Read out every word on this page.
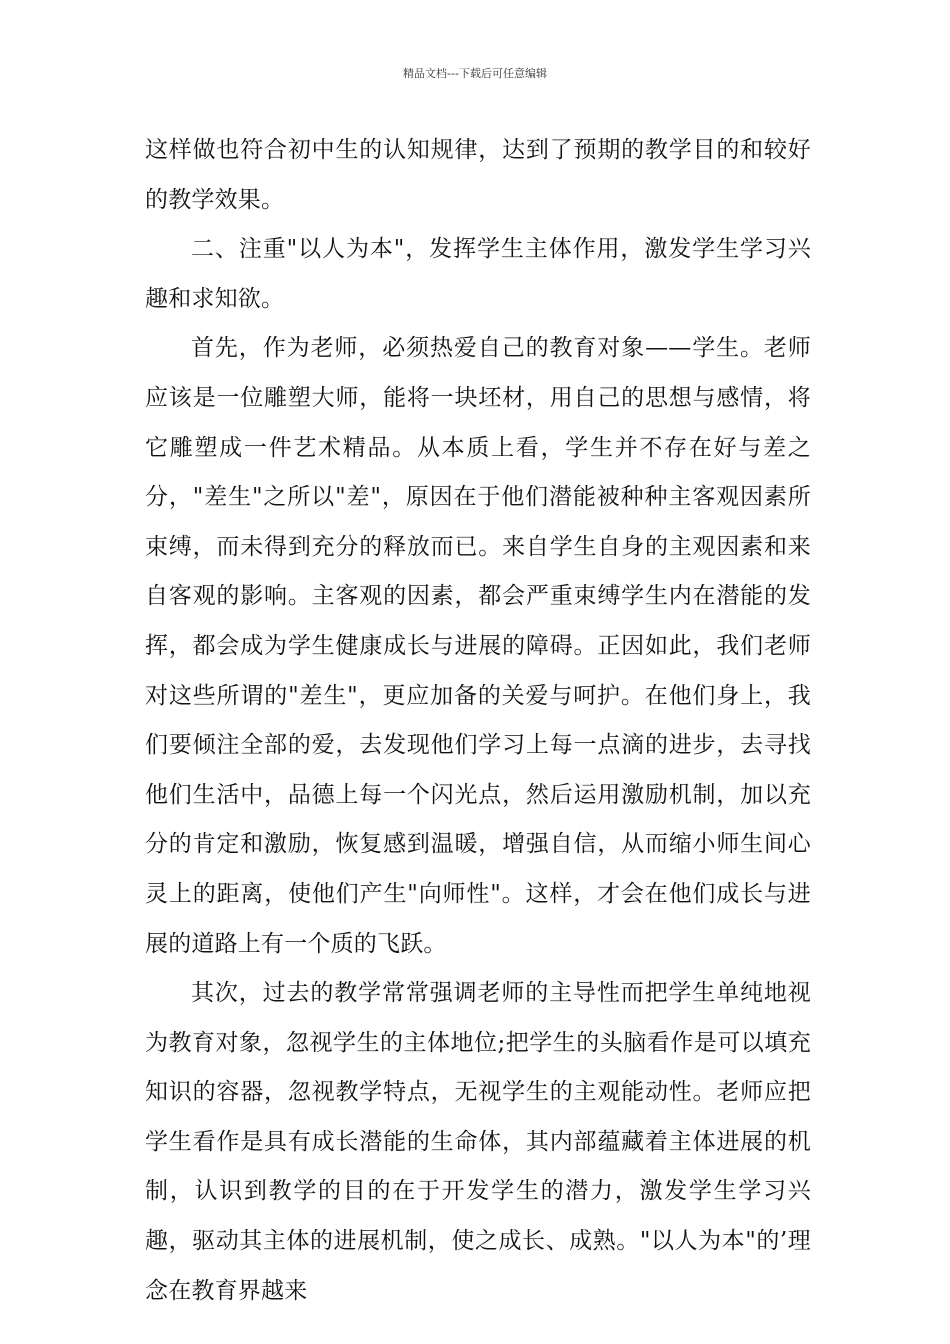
精品文档---下载后可任意编辑

这样做也符合初中生的认知规律，达到了预期的教学目的和较好的教学效果。

二、注重"以人为本"，发挥学生主体作用，激发学生学习兴趣和求知欲。

首先，作为老师，必须热爱自己的教育对象——学生。老师应该是一位雕塑大师，能将一块坯材，用自己的思想与感情，将它雕塑成一件艺术精品。从本质上看，学生并不存在好与差之分，"差生"之所以"差"，原因在于他们潜能被种种主客观因素所束缚，而未得到充分的释放而已。来自学生自身的主观因素和来自客观的影响。主客观的因素，都会严重束缚学生内在潜能的发挥，都会成为学生健康成长与进展的障碍。正因如此，我们老师对这些所谓的"差生"，更应加备的关爱与呵护。在他们身上，我们要倾注全部的爱，去发现他们学习上每一点滴的进步，去寻找他们生活中，品德上每一个闪光点，然后运用激励机制，加以充分的肯定和激励，恢复感到温暖，增强自信，从而缩小师生间心灵上的距离，使他们产生"向师性"。这样，才会在他们成长与进展的道路上有一个质的飞跃。

其次，过去的教学常常强调老师的主导性而把学生单纯地视为教育对象，忽视学生的主体地位;把学生的头脑看作是可以填充知识的容器，忽视教学特点，无视学生的主观能动性。老师应把学生看作是具有成长潜能的生命体，其内部蕴藏着主体进展的机制，认识到教学的目的在于开发学生的潜力，激发学生学习兴趣，驱动其主体的进展机制，使之成长、成熟。"以人为本"的’理念在教育界越来
